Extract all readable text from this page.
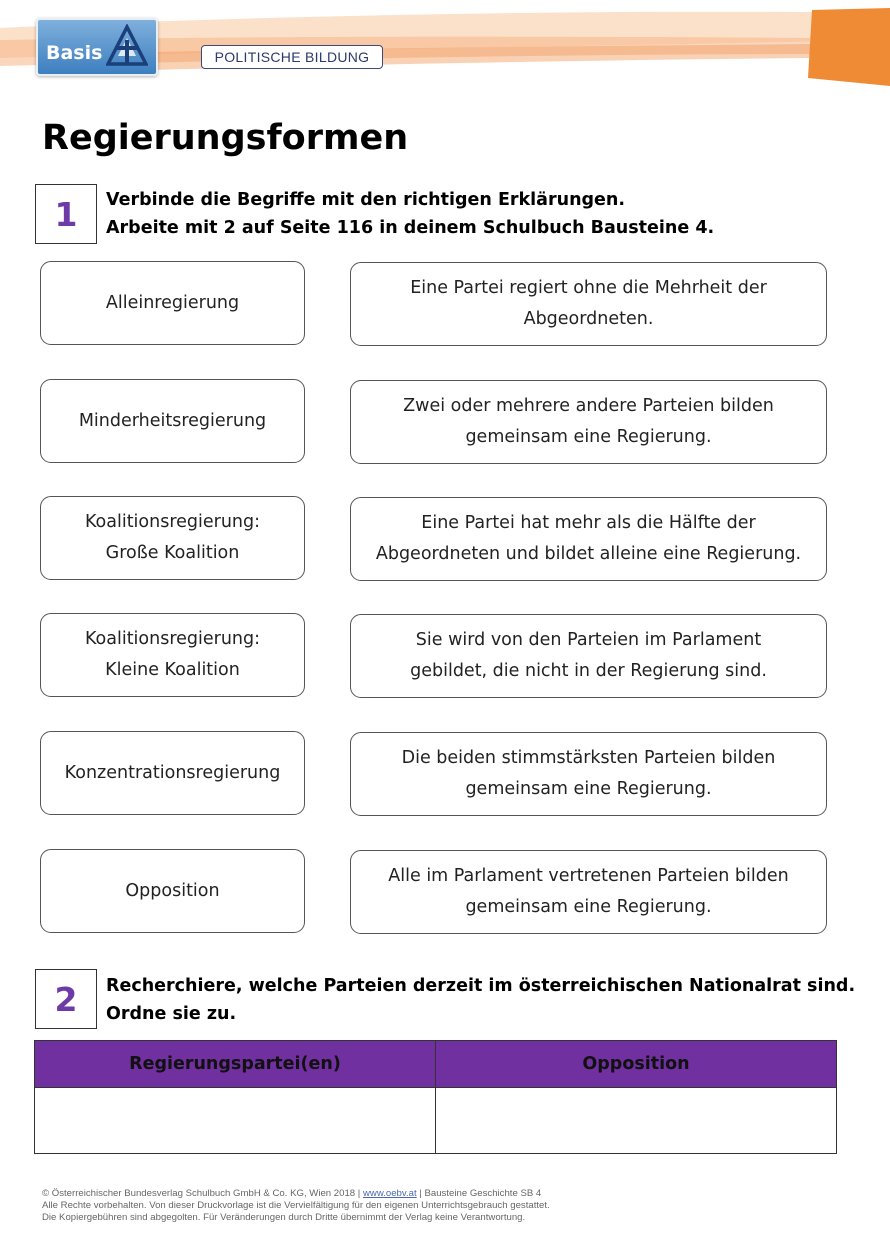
Basis	POLITISCHE BILDUNG
Regierungsformen
1	Verbinde die Begriffe mit den richtigen Erklärungen.
Arbeite mit 2 auf Seite 116 in deinem Schulbuch Bausteine 4.

Alleinregierung
Minderheitsregierung
Koalitionsregierung:
Große Koalition
Koalitionsregierung:
Kleine Koalition
Konzentrationsregierung
Opposition
Eine Partei regiert ohne die Mehrheit der
Abgeordneten.
Zwei oder mehrere andere Parteien bilden
gemeinsam eine Regierung.
Eine Partei hat mehr als die Hälfte der
Abgeordneten und bildet alleine eine Regierung.
Sie wird von den Parteien im Parlament
gebildet, die nicht in der Regierung sind.
Die beiden stimmstärksten Parteien bilden
gemeinsam eine Regierung.
Alle im Parlament vertretenen Parteien bilden
gemeinsam eine Regierung.
2	Recherchiere, welche Parteien derzeit im österreichischen Nationalrat sind.
Ordne sie zu.

Regierungspartei(en)	Opposition

© Österreichischer Bundesverlag Schulbuch GmbH & Co. KG, Wien 2018 | www.oebv.at | Bausteine Geschichte SB 4
Alle Rechte vorbehalten. Von dieser Druckvorlage ist die Vervielfältigung für den eigenen Unterrichtsgebrauch gestattet.
Die Kopiergebühren sind abgegolten. Für Veränderungen durch Dritte übernimmt der Verlag keine Verantwortung.
